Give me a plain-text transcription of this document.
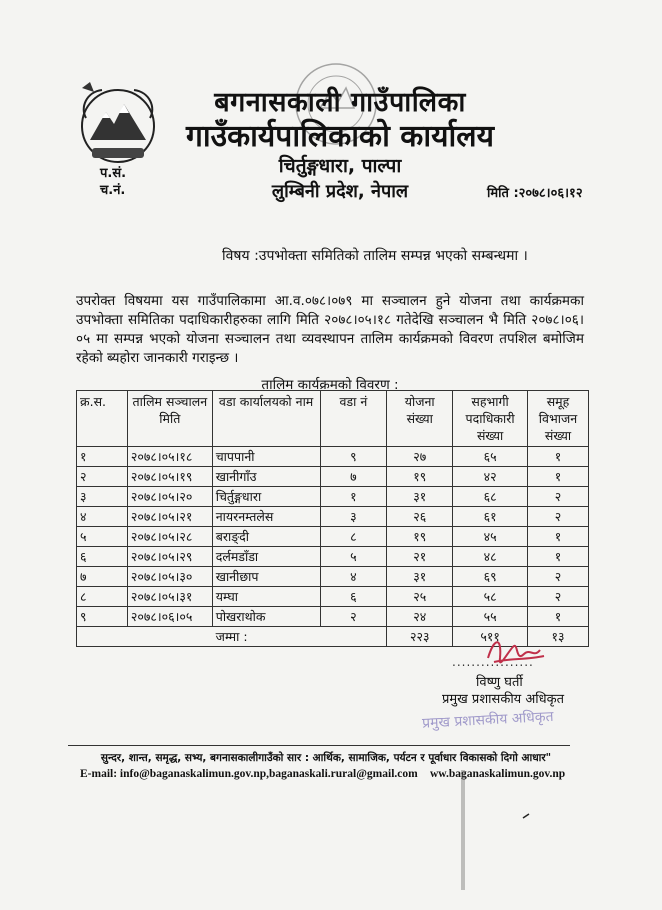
बगनासकाली गाउँपालिका
गाउँकार्यपालिकाको कार्यालय
चिर्तुङ्गधारा, पाल्पा
लुम्बिनी प्रदेश, नेपाल
प.सं.
च.नं.	मिति :२०७८।०६।१२
विषय :उपभोक्ता समितिको तालिम सम्पन्न भएको सम्बन्धमा ।
उपरोक्त विषयमा यस गाउँपालिकामा आ.व.०७८।०७९ मा सञ्चालन हुने योजना तथा कार्यक्रमका उपभोक्ता समितिका पदाधिकारीहरुका लागि मिति २०७८।०५।१८ गतेदेखि सञ्चालन भै मिति २०७८।०६।०५ मा सम्पन्न भएको योजना सञ्चालन तथा व्यवस्थापन तालिम कार्यक्रमको विवरण तपशिल बमोजिम रहेको ब्यहोरा जानकारी गराइन्छ ।
तालिम कार्यक्रमको विवरण :
क्र.स.	तालिम सञ्चालन मिति	वडा कार्यालयको नाम	वडा नं	योजना संख्या	सहभागी पदाधिकारी संख्या	समूह विभाजन संख्या
१	२०७८।०५।१८	चापपानी	९	२७	६५	१
२	२०७८।०५।१९	खानीगाँउ	७	१९	४२	१
३	२०७८।०५।२०	चिर्तुङ्गधारा	१	३१	६८	२
४	२०७८।०५।२१	नायरनम्तलेस	३	२६	६१	२
५	२०७८।०५।२८	बराङ्दी	८	१९	४५	१
६	२०७८।०५।२९	दर्लमडाँडा	५	२१	४८	१
७	२०७८।०५।३०	खानीछाप	४	३१	६९	२
८	२०७८।०५।३१	यम्घा	६	२५	५८	२
९	२०७८।०६।०५	पोखराथोक	२	२४	५५	१
जम्मा :				२२३	५११	१३
.................
विष्णु घर्ती
प्रमुख प्रशासकीय अधिकृत
प्रमुख प्रशासकीय अधिकृत
सुन्दर, शान्त, समृद्ध, सभ्य, बगनासकालीगाउँको सार : आर्थिक, सामाजिक, पर्यटन र पूर्वाधार विकासको दिगो आधार"
E-mail: info@baganaskalimun.gov.np, baganaskali.rural@gmail.com ww.baganaskalimun.gov.np
